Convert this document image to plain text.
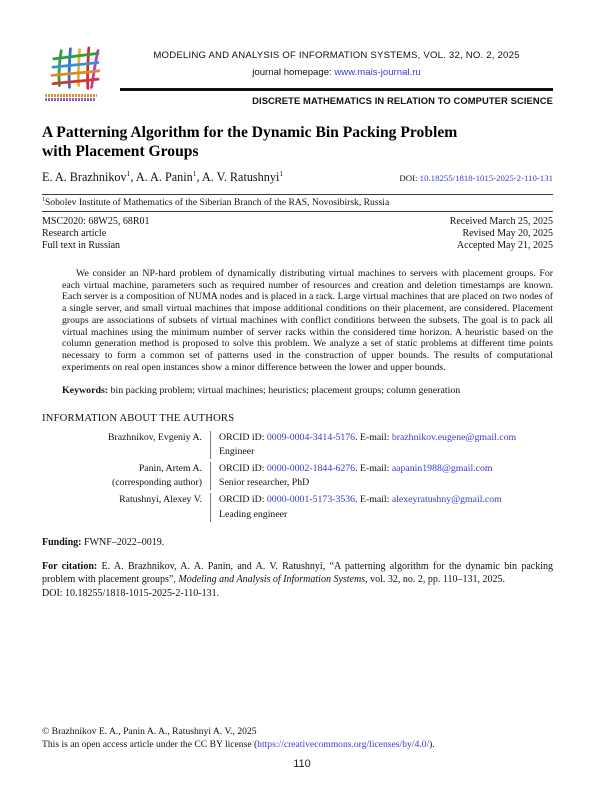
MODELING AND ANALYSIS OF INFORMATION SYSTEMS, VOL. 32, NO. 2, 2025
journal homepage: www.mais-journal.ru
DISCRETE MATHEMATICS IN RELATION TO COMPUTER SCIENCE
A Patterning Algorithm for the Dynamic Bin Packing Problem
with Placement Groups
E. A. Brazhnikov$^1$, A. A. Panin$^1$, A. V. Ratushnyi$^1$	DOI: 10.18255/1818-1015-2025-2-110-131
$^1$Sobolev Institute of Mathematics of the Siberian Branch of the RAS, Novosibirsk, Russia
MSC2020: 68W25, 68R01
Research article
Full text in Russian
Received March 25, 2025
Revised May 20, 2025
Accepted May 21, 2025
We consider an NP-hard problem of dynamically distributing virtual machines to servers with placement groups. For each virtual machine, parameters such as required number of resources and creation and deletion timestamps are known. Each server is a composition of NUMA nodes and is placed in a rack. Large virtual machines that are placed on two nodes of a single server, and small virtual machines that impose additional conditions on their placement, are considered. Placement groups are associations of subsets of virtual machines with conflict conditions between the subsets. The goal is to pack all virtual machines using the minimum number of server racks within the considered time horizon. A heuristic based on the column generation method is proposed to solve this problem. We analyze a set of static problems at different time points necessary to form a common set of patterns used in the construction of upper bounds. The results of computational experiments on real open instances show a minor difference between the lower and upper bounds.
Keywords: bin packing problem; virtual machines; heuristics; placement groups; column generation
INFORMATION ABOUT THE AUTHORS
Brazhnikov, Evgeniy A. ORCID iD: 0009-0004-3414-5176. E-mail: brazhnikov.eugene@gmail.com
Engineer
Panin, Artem A.
(corresponding author)
ORCID iD: 0000-0002-1844-6276. E-mail: aapanin1988@gmail.com
Senior researcher, PhD
Ratushnyi, Alexey V. ORCID iD: 0000-0001-5173-3536. E-mail: alexeyratushny@gmail.com
Leading engineer
Funding: FWNF–2022–0019.
For citation: E. A. Brazhnikov, A. A. Panin, and A. V. Ratushnyi, “A patterning algorithm for the dynamic bin packing problem with placement groups”, Modeling and Analysis of Information Systems, vol. 32, no. 2, pp. 110–131, 2025.
DOI: 10.18255/1818-1015-2025-2-110-131.
© Brazhnikov E. A., Panin A. A., Ratushnyi A. V., 2025
This is an open access article under the CC BY license (https://creativecommons.org/licenses/by/4.0/).
110
